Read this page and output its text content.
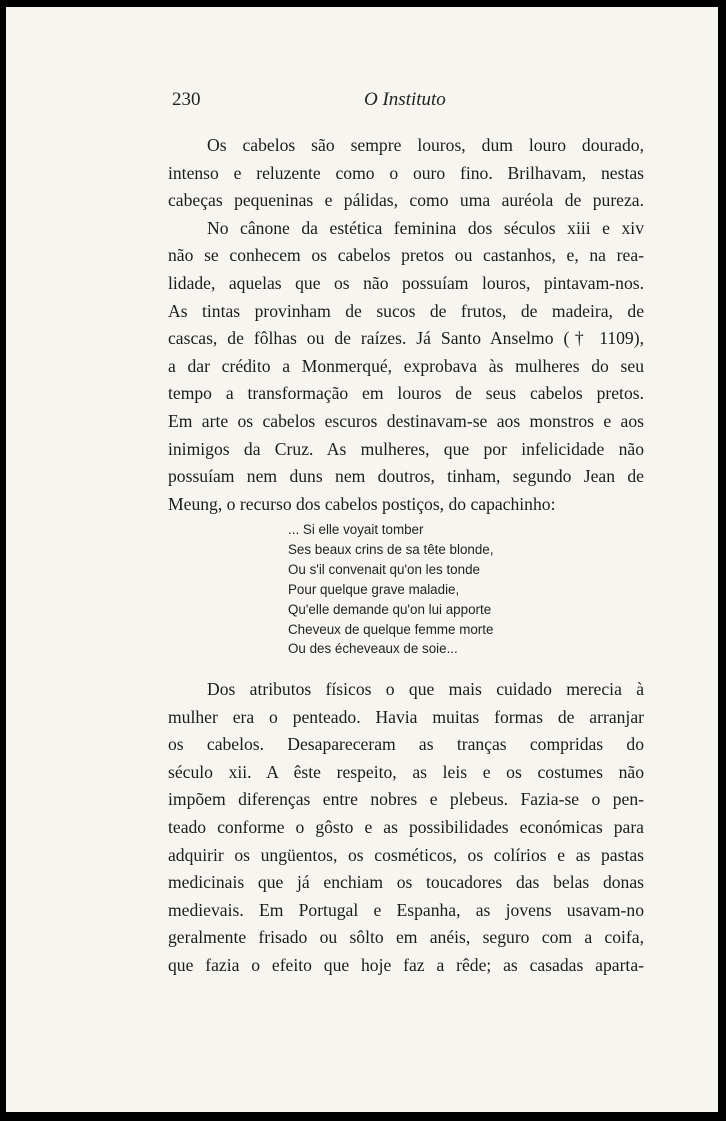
230	O Instituto
Os cabelos são sempre louros, dum louro dourado,
intenso e reluzente como o ouro fino. Brilhavam, nestas
cabeças pequeninas e pálidas, como uma auréola de pureza.
No cânone da estética feminina dos séculos xiii e xiv
não se conhecem os cabelos pretos ou castanhos, e, na rea-
lidade, aquelas que os não possuíam louros, pintavam-nos.
As tintas provinham de sucos de frutos, de madeira, de
cascas, de fôlhas ou de raízes. Já Santo Anselmo († 1109),
a dar crédito a Monmerqué, exprobava às mulheres do seu
tempo a transformação em louros de seus cabelos pretos.
Em arte os cabelos escuros destinavam-se aos monstros e aos
inimigos da Cruz. As mulheres, que por infelicidade não
possuíam nem duns nem doutros, tinham, segundo Jean de
Meung, o recurso dos cabelos postiços, do capachinho:
... Si elle voyait tomber
Ses beaux crins de sa tête blonde,
Ou s'il convenait qu'on les tonde
Pour quelque grave maladie,
Qu'elle demande qu'on lui apporte
Cheveux de quelque femme morte
Ou des écheveaux de soie...
Dos atributos físicos o que mais cuidado merecia à
mulher era o penteado. Havia muitas formas de arranjar
os cabelos. Desapareceram as tranças compridas do
século xii. A êste respeito, as leis e os costumes não
impõem diferenças entre nobres e plebeus. Fazia-se o pen-
teado conforme o gôsto e as possibilidades económicas para
adquirir os ungüentos, os cosméticos, os colírios e as pastas
medicinais que já enchiam os toucadores das belas donas
medievais. Em Portugal e Espanha, as jovens usavam-no
geralmente frisado ou sôlto em anéis, seguro com a coifa,
que fazia o efeito que hoje faz a rêde; as casadas aparta-
